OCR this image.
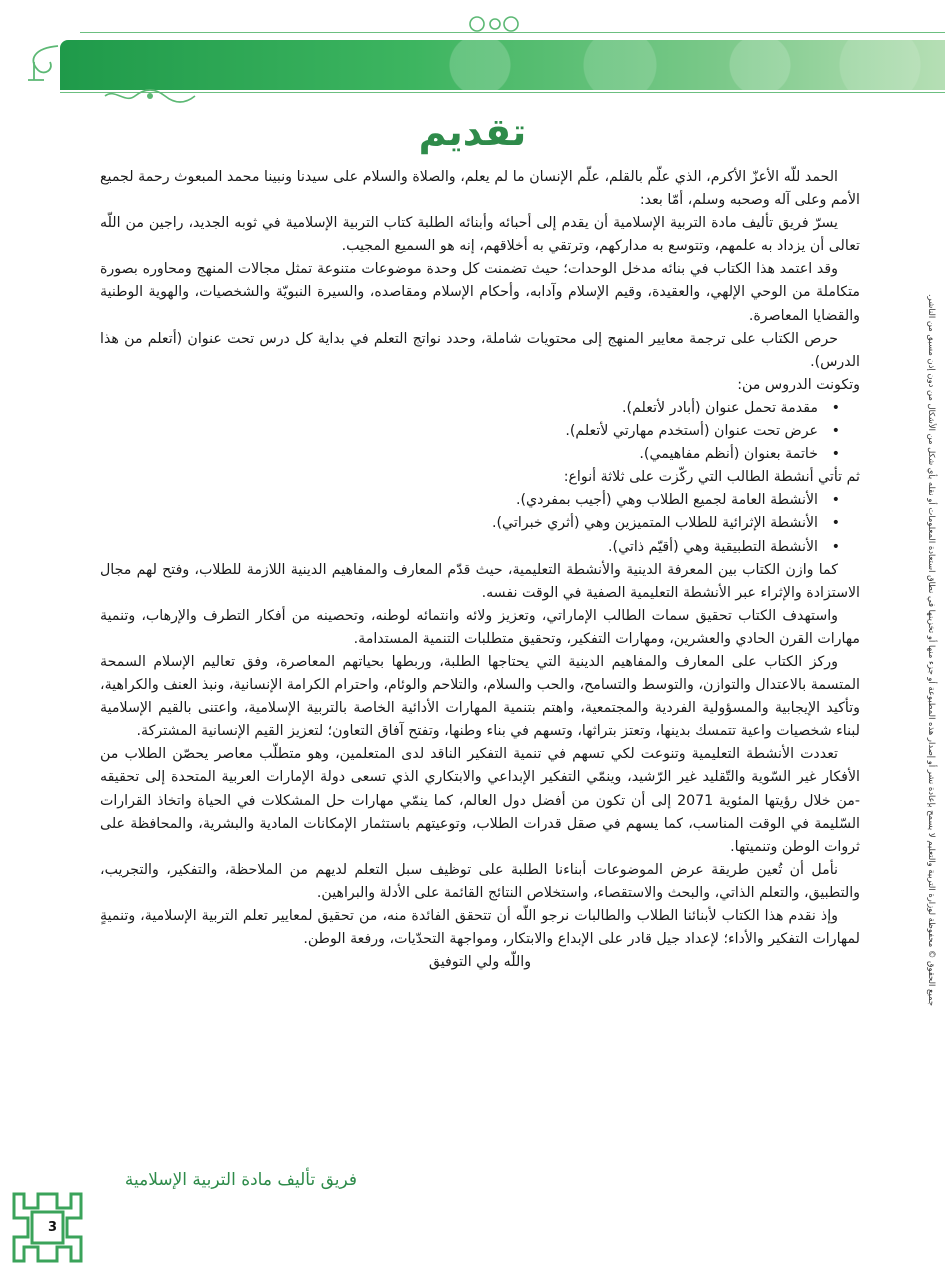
تقديم

الحمد للّه الأعزّ الأكرم، الذي علّم بالقلم، علّم الإنسان ما لم يعلم، والصلاة والسلام على سيدنا ونبينا محمد المبعوث رحمة لجميع الأمم وعلى آله وصحبه وسلم، أمّا بعد:

يسرّ فريق تأليف مادة التربية الإسلامية أن يقدم إلى أحبائه وأبنائه الطلبة كتاب التربية الإسلامية في ثوبه الجديد، راجين من اللّه تعالى أن يزداد به علمهم، وتتوسع به مداركهم، وترتقي به أخلاقهم، إنه هو السميع المجيب.

وقد اعتمد هذا الكتاب في بنائه مدخل الوحدات؛ حيث تضمنت كل وحدة موضوعات متنوعة تمثل مجالات المنهج ومحاوره بصورة متكاملة من الوحي الإلهي، والعقيدة، وقيم الإسلام وآدابه، وأحكام الإسلام ومقاصده، والسيرة النبويّة والشخصيات، والهوية الوطنية والقضايا المعاصرة.

حرص الكتاب على ترجمة معايير المنهج إلى محتويات شاملة، وحدد نواتج التعلم في بداية كل درس تحت عنوان (أتعلم من هذا الدرس).

وتكونت الدروس من:

• مقدمة تحمل عنوان (أبادر لأتعلم).
• عرض تحت عنوان (أستخدم مهارتي لأتعلم).
• خاتمة بعنوان (أنظم مفاهيمي).

ثم تأتي أنشطة الطالب التي ركّزت على ثلاثة أنواع:

• الأنشطة العامة لجميع الطلاب وهي (أجيب بمفردي).
• الأنشطة الإثرائية للطلاب المتميزين وهي (أثري خبراتي).
• الأنشطة التطبيقية وهي (أقيّم ذاتي).

كما وازن الكتاب بين المعرفة الدينية والأنشطة التعليمية، حيث قدّم المعارف والمفاهيم الدينية اللازمة للطلاب، وفتح لهم مجال الاستزادة والإثراء عبر الأنشطة التعليمية الصفية في الوقت نفسه.

واستهدف الكتاب تحقيق سمات الطالب الإماراتي، وتعزيز ولائه وانتمائه لوطنه، وتحصينه من أفكار التطرف والإرهاب، وتنمية مهارات القرن الحادي والعشرين، ومهارات التفكير، وتحقيق متطلبات التنمية المستدامة.

وركز الكتاب على المعارف والمفاهيم الدينية التي يحتاجها الطلبة، وربطها بحياتهم المعاصرة، وفق تعاليم الإسلام السمحة المتسمة بالاعتدال والتوازن، والتوسط والتسامح، والحب والسلام، والتلاحم والوئام، واحترام الكرامة الإنسانية، ونبذ العنف والكراهية، وتأكيد الإيجابية والمسؤولية الفردية والمجتمعية، واهتم بتنمية المهارات الأدائية الخاصة بالتربية الإسلامية، واعتنى بالقيم الإسلامية لبناء شخصيات واعية تتمسك بدينها، وتعتز بتراثها، وتسهم في بناء وطنها، وتفتح آفاق التعاون؛ لتعزيز القيم الإنسانية المشتركة.

تعددت الأنشطة التعليمية وتنوعت لكي تسهم في تنمية التفكير الناقد لدى المتعلمين، وهو متطلّب معاصر يحصّن الطلاب من الأفكار غير السّوية والتّقليد غير الرّشيد، وينمّي التفكير الإبداعي والابتكاري الذي تسعى دولة الإمارات العربية المتحدة إلى تحقيقه -من خلال رؤيتها المئوية 2071 إلى أن تكون من أفضل دول العالم، كما ينمّي مهارات حل المشكلات في الحياة واتخاذ القرارات السّليمة في الوقت المناسب، كما يسهم في صقل قدرات الطلاب، وتوعيتهم باستثمار الإمكانات المادية والبشرية، والمحافظة على ثروات الوطن وتنميتها.

نأمل أن تُعين طريقة عرض الموضوعات أبناءنا الطلبة على توظيف سبل التعلم لديهم من الملاحظة، والتفكير، والتجريب، والتطبيق، والتعلم الذاتي، والبحث والاستقصاء، واستخلاص النتائج القائمة على الأدلة والبراهين.

وإذ نقدم هذا الكتاب لأبنائنا الطلاب والطالبات نرجو اللّه أن تتحقق الفائدة منه، من تحقيق لمعايير تعلم التربية الإسلامية، وتنميةٍ لمهارات التفكير والأداء؛ لإعداد جيل قادر على الإبداع والابتكار، ومواجهة التحدّيات، ورفعة الوطن.

واللّه ولي التوفيق

فريق تأليف مادة التربية الإسلامية
جميع الحقوق © محفوظة لوزارة التربية والتعليم لا يسمح بإعادة نشر أو إصدار هذه المطبوعة أو جزء منها أو تخزينها في نطاق استعادة المعلومات أو نقله بأي شكل من الأشكال من دون إذن مسبق من الناشر.
3
